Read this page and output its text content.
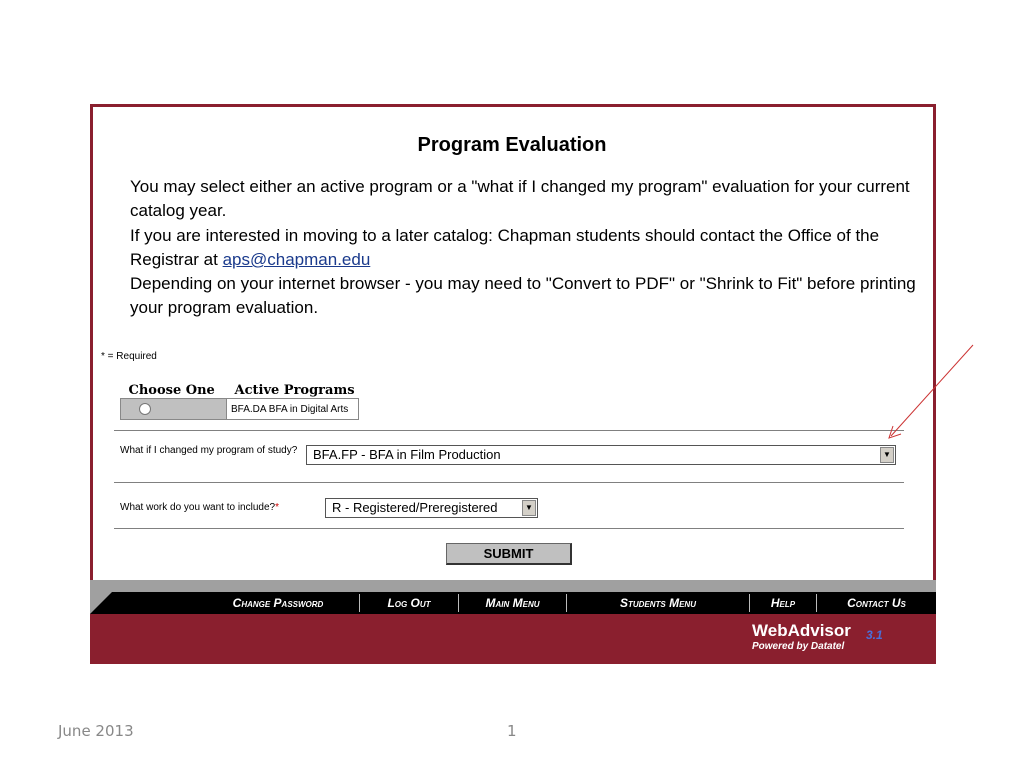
Program Evaluation

You may select either an active program or a "what if I changed my program" evaluation for your current catalog year.

If you are interested in moving to a later catalog: Chapman students should contact the Office of the Registrar at aps@chapman.edu

Depending on your internet browser - you may need to "Convert to PDF" or "Shrink to Fit" before printing your program evaluation.

* = Required
Choose One	Active Programs
	BFA.DA BFA in Digital Arts
What if I changed my program of study?	BFA.FP - BFA in Film Production	▼
What work do you want to include?*	R - Registered/Preregistered	▼
SUBMIT
Change Password	Log Out	Main Menu	Students Menu	Help	Contact Us
WebAdvisor
Powered by Datatel
3.1
June 2013	1
